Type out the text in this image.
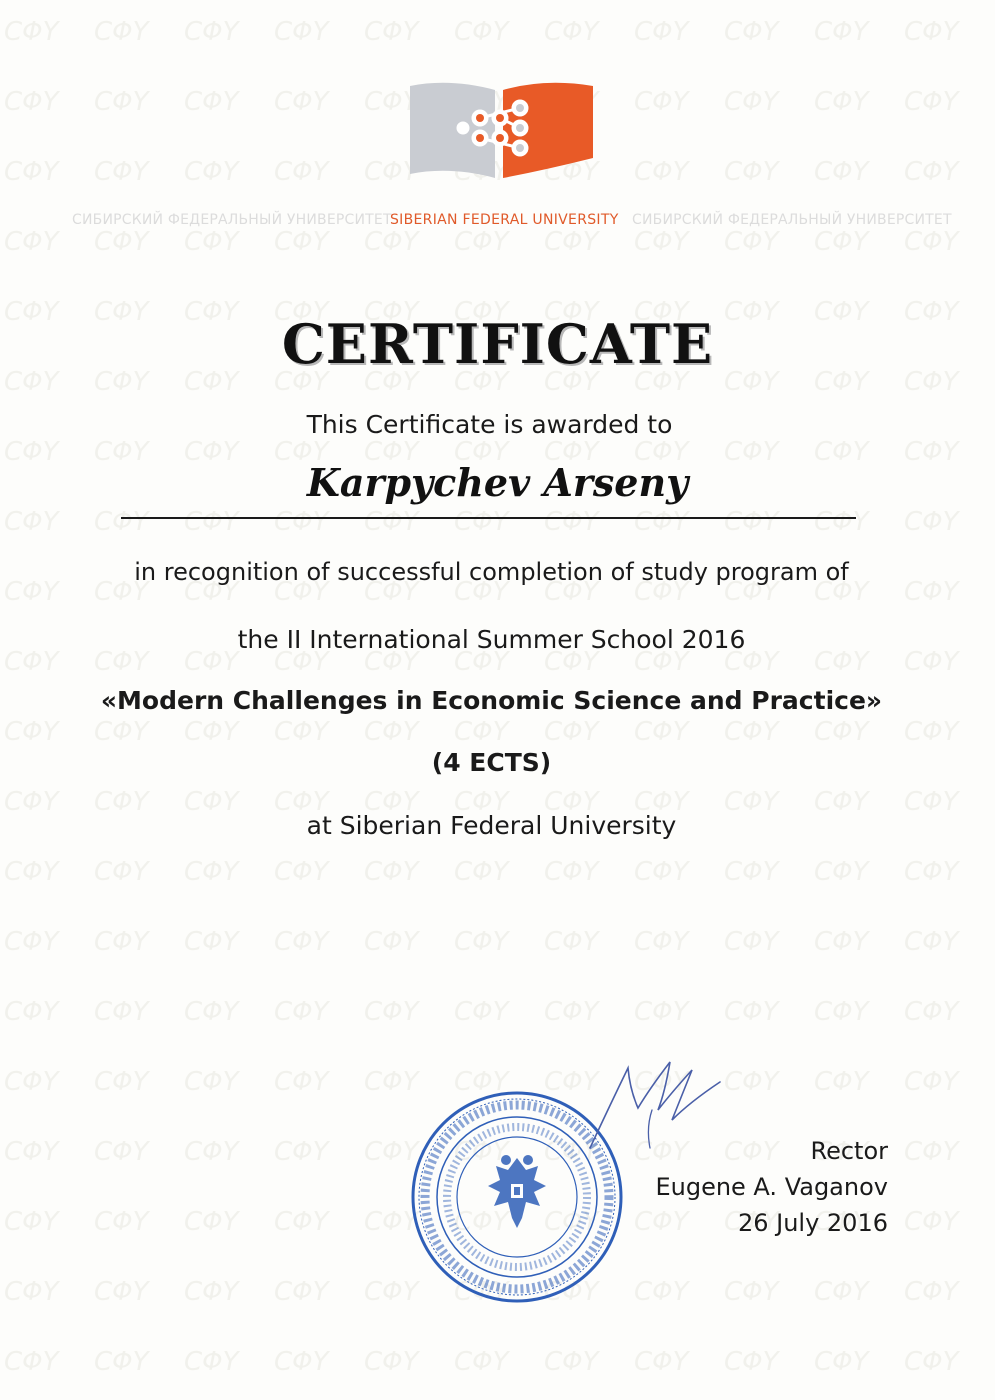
СИБИРСКИЙ ФЕДЕРАЛЬНЫЙ УНИВЕРСИТЕТ
SIBERIAN FEDERAL UNIVERSITY СИБИРСКИЙ ФЕДЕРАЛЬНЫЙ УНИВЕРСИТЕТ
CERTIFICATE
This Certificate is awarded to
Karpychev Arseny
in recognition of successful completion of study program of
the II International Summer School 2016
«Modern Challenges in Economic Science and Practice»
(4 ECTS)
at Siberian Federal University
Rector
Eugene A. Vaganov
26 July 2016
